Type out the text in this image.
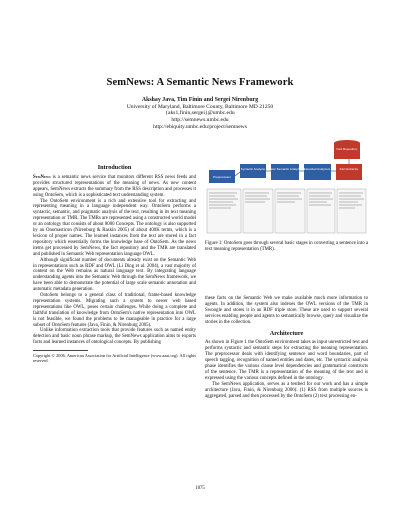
SemNews: A Semantic News Framework
Akshay Java, Tim Finin and Sergei Nirenburg
University of Maryland, Baltimore County, Baltimore MD 21250
{aks1,finin,sergei}@umbc.edu
http://semnews.umbc.edu
http://ebiquity.umbc.edu/project/semnews
Introduction

SemNews is a semantic news service that monitors different RSS news feeds and provides structured representations of the meaning of news. As new content appears, SemNews extracts the summary from the RSS description and processes it using OntoSem, which is a sophisticated text understanding system.

The OntoSem environment is a rich and extensive tool for extracting and representing meaning in a language independent way. OntoSem performs a syntactic, semantic, and pragmatic analysis of the text, resulting in its text meaning representation or TMR. The TMRs are represented using a constructed world model or an ontology that consists of about 8000 Concepts. The ontology is also supported by an Onomasticon (Nirenburg & Raskin 2005) of about 400K terms, which is a lexicon of proper names. The learned instances from the text are stored in a fact repository which essentially forms the knowledge base of OntoSem. As the news items get processed by SemNews, the fact repository and the TMR are translated and published in Semantic Web representation language OWL.

Although significant number of documents already exist on the Semantic Web in representations such as RDF and OWL (Li Ding et al. 2004), a vast majority of content on the Web remains as natural language text. By integrating language understanding agents into the Semantic Web through the SemNews framework, we have been able to demonstrate the potential of large scale semantic annotation and automatic metadata generation.

OntoSem belongs to a general class of traditional, frame-based knowledge representation systems. Migrating such a system to newer web based representations like OWL, poses certain challenges. While doing a complete and faithful translation of knowledge from OntoSem's native representation into OWL is not feasible, we found the problems to be manageable in practice for a large subset of OntoSem features (Java, Finin, & Nirenburg 2005).

Unlike information extraction tools that provide features such as named entity detection and basic noun phrase markup, the SemNews application aims to exports facts and learned instances of ontological concepts. By publishing

Copyright © 2006, American Association for Artificial Intelligence (www.aaai.org). All rights reserved.

Fact Repository
Preprocessor
Syntactic Analyzer Basic Semantic Analyzer Extended Analyzers	Fact Extractor
Figure 1: OntoSem goes through several basic stages in converting a sentence into a text meaning representation (TMR).

these facts on the Semantic Web we make available much more information to agents. In addition, the system also indexes the OWL versions of the TMR in Swoogle and stores it in an RDF triple store. These are used to support several services enabling people and agents to semantically browse, query and visualize the stories in the collection.

Architecture

As shown in Figure 1 the OntoSem environment takes as input unrestricted text and performs syntactic and semantic steps for extracting the meaning representation. The preprocessor deals with identifying sentence and word boundaries, part of speech tagging, recognition of named entities and dates, etc. The syntactic analysis phase identifies the various clause level dependencies and grammatical constructs of the sentence. The TMR is a representation of the meaning of the text and is expressed using the various concepts defined in the ontology.

The SemNews application, serves as a testbed for our work and has a simple architecture (Java, Finin, & Nirenburg 2006): (1) RSS from multiple sources is aggregated, parsed and then processed by the OntoSem (2) text processing en-

1875
